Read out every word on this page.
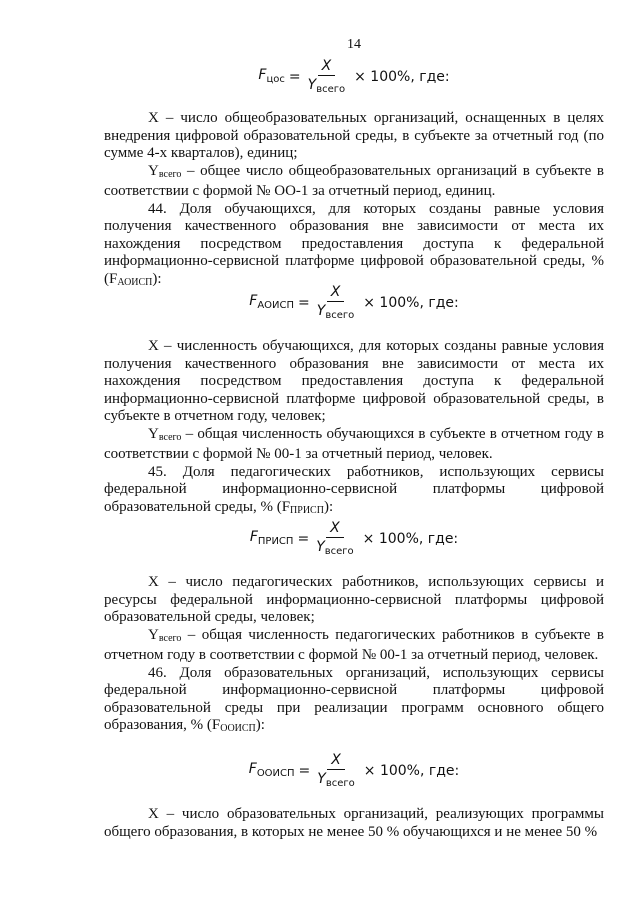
14
$F_{цос} = \frac{X}{Y_{всего}} \times 100\%$, где:

X – число общеобразовательных организаций, оснащенных в целях внедрения цифровой образовательной среды, в субъекте за отчетный год (по сумме 4-х кварталов), единиц;

Yвсего – общее число общеобразовательных организаций в субъекте в соответствии с формой № ОО-1 за отчетный период, единиц.

44. Доля обучающихся, для которых созданы равные условия получения качественного образования вне зависимости от места их нахождения посредством предоставления доступа к федеральной информационно-сервисной платформе цифровой образовательной среды, % (FАОИСП):

$F_{АОИСП} = \frac{X}{Y_{всего}} \times 100\%$, где:

X – численность обучающихся, для которых созданы равные условия получения качественного образования вне зависимости от места их нахождения посредством предоставления доступа к федеральной информационно-сервисной платформе цифровой образовательной среды, в субъекте в отчетном году, человек;

Yвсего – общая численность обучающихся в субъекте в отчетном году в соответствии с формой № 00-1 за отчетный период, человек.

45. Доля педагогических работников, использующих сервисы федеральной информационно-сервисной платформы цифровой образовательной среды, % (FПРИСП):

$F_{ПРИСП} = \frac{X}{Y_{всего}} \times 100\%$, где:

X – число педагогических работников, использующих сервисы и ресурсы федеральной информационно-сервисной платформы цифровой образовательной среды, человек;

Yвсего – общая численность педагогических работников в субъекте в отчетном году в соответствии с формой № 00-1 за отчетный период, человек.

46. Доля образовательных организаций, использующих сервисы федеральной информационно-сервисной платформы цифровой образовательной среды при реализации программ основного общего образования, % (FООИСП):

$F_{ООИСП} = \frac{X}{Y_{всего}} \times 100\%$, где:

X – число образовательных организаций, реализующих программы общего образования, в которых не менее 50 % обучающихся и не менее 50 %
